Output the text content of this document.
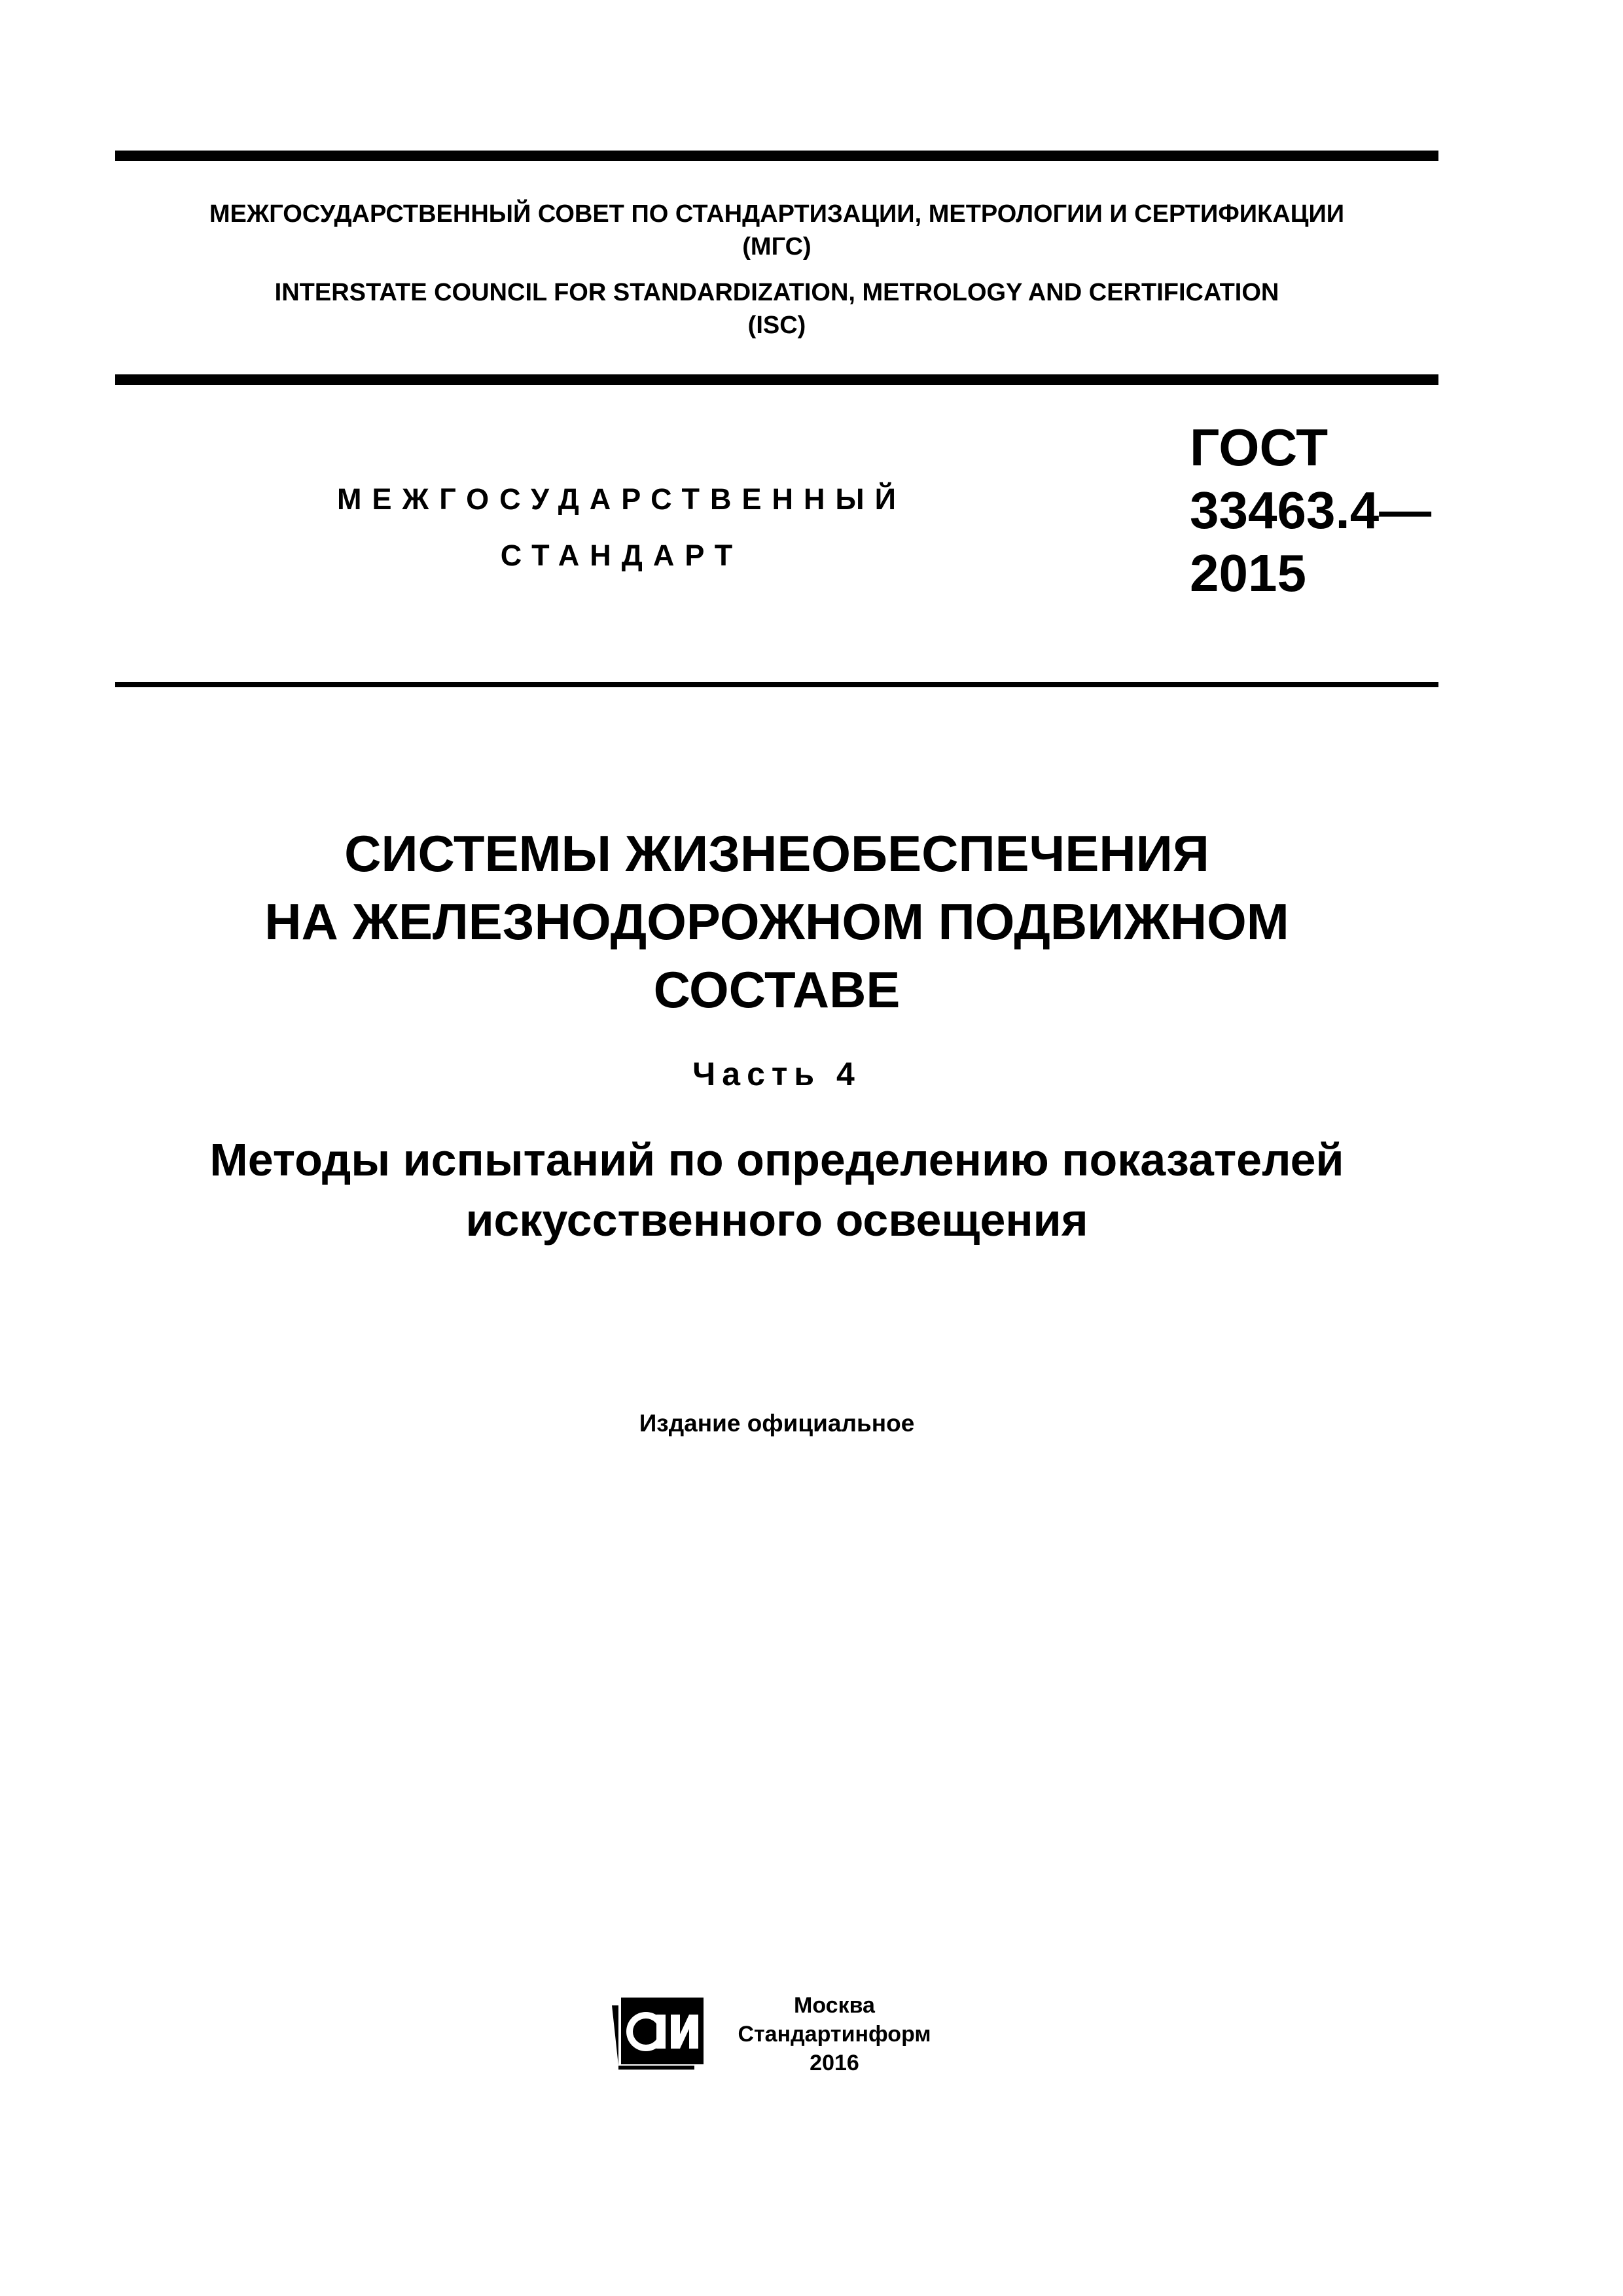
МЕЖГОСУДАРСТВЕННЫЙ СОВЕТ ПО СТАНДАРТИЗАЦИИ, МЕТРОЛОГИИ И СЕРТИФИКАЦИИ
(МГС)
INTERSTATE COUNCIL FOR STANDARDIZATION, METROLOGY AND CERTIFICATION
(ISC)
МЕЖГОСУДАРСТВЕННЫЙ
СТАНДАРТ
ГОСТ
33463.4—
2015
СИСТЕМЫ ЖИЗНЕОБЕСПЕЧЕНИЯ
НА ЖЕЛЕЗНОДОРОЖНОМ ПОДВИЖНОМ
СОСТАВЕ
Часть 4
Методы испытаний по определению показателей
искусственного освещения
Издание официальное
Москва
Стандартинформ
2016
